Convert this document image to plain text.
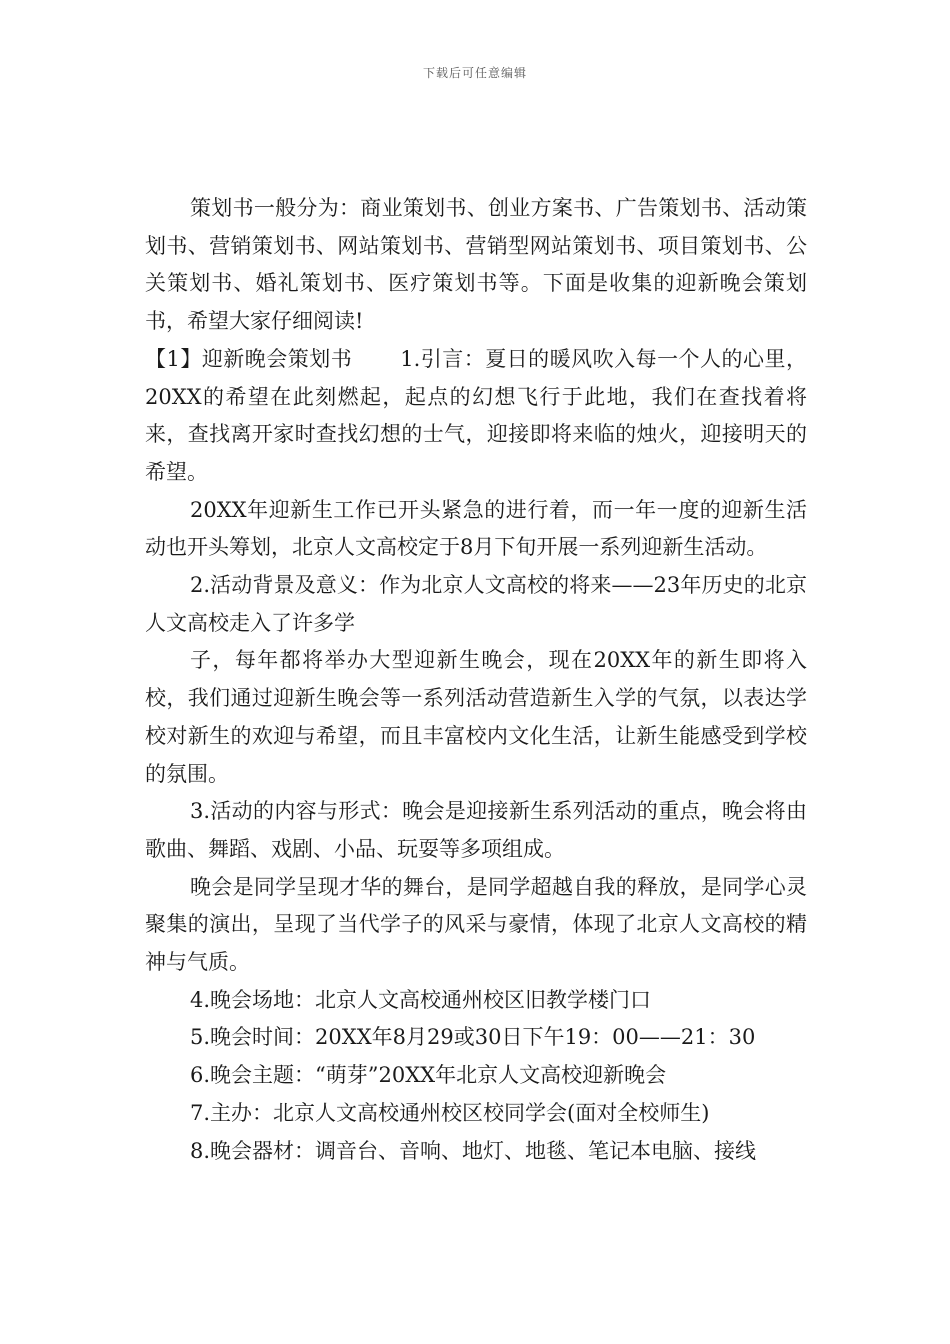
下载后可任意编辑

策划书一般分为：商业策划书、创业方案书、广告策划书、活动策划书、营销策划书、网站策划书、营销型网站策划书、项目策划书、公关策划书、婚礼策划书、医疗策划书等。下面是收集的迎新晚会策划书，希望大家仔细阅读!

【1】迎新晚会策划书 1.引言：夏日的暖风吹入每一个人的心里，20XX的希望在此刻燃起，起点的幻想飞行于此地，我们在查找着将来，查找离开家时查找幻想的士气，迎接即将来临的烛火，迎接明天的希望。

20XX年迎新生工作已开头紧急的进行着，而一年一度的迎新生活动也开头筹划，北京人文高校定于8月下旬开展一系列迎新生活动。

2.活动背景及意义：作为北京人文高校的将来——23年历史的北京人文高校走入了许多学

子，每年都将举办大型迎新生晚会，现在20XX年的新生即将入校，我们通过迎新生晚会等一系列活动营造新生入学的气氛，以表达学校对新生的欢迎与希望，而且丰富校内文化生活，让新生能感受到学校的氛围。

3.活动的内容与形式：晚会是迎接新生系列活动的重点，晚会将由歌曲、舞蹈、戏剧、小品、玩耍等多项组成。

晚会是同学呈现才华的舞台，是同学超越自我的释放，是同学心灵聚集的演出，呈现了当代学子的风采与豪情，体现了北京人文高校的精神与气质。

4.晚会场地：北京人文高校通州校区旧教学楼门口

5.晚会时间：20XX年8月29或30日下午19：00——21：30

6.晚会主题：“萌芽”20XX年北京人文高校迎新晚会

7.主办：北京人文高校通州校区校同学会(面对全校师生)

8.晚会器材：调音台、音响、地灯、地毯、笔记本电脑、接线
